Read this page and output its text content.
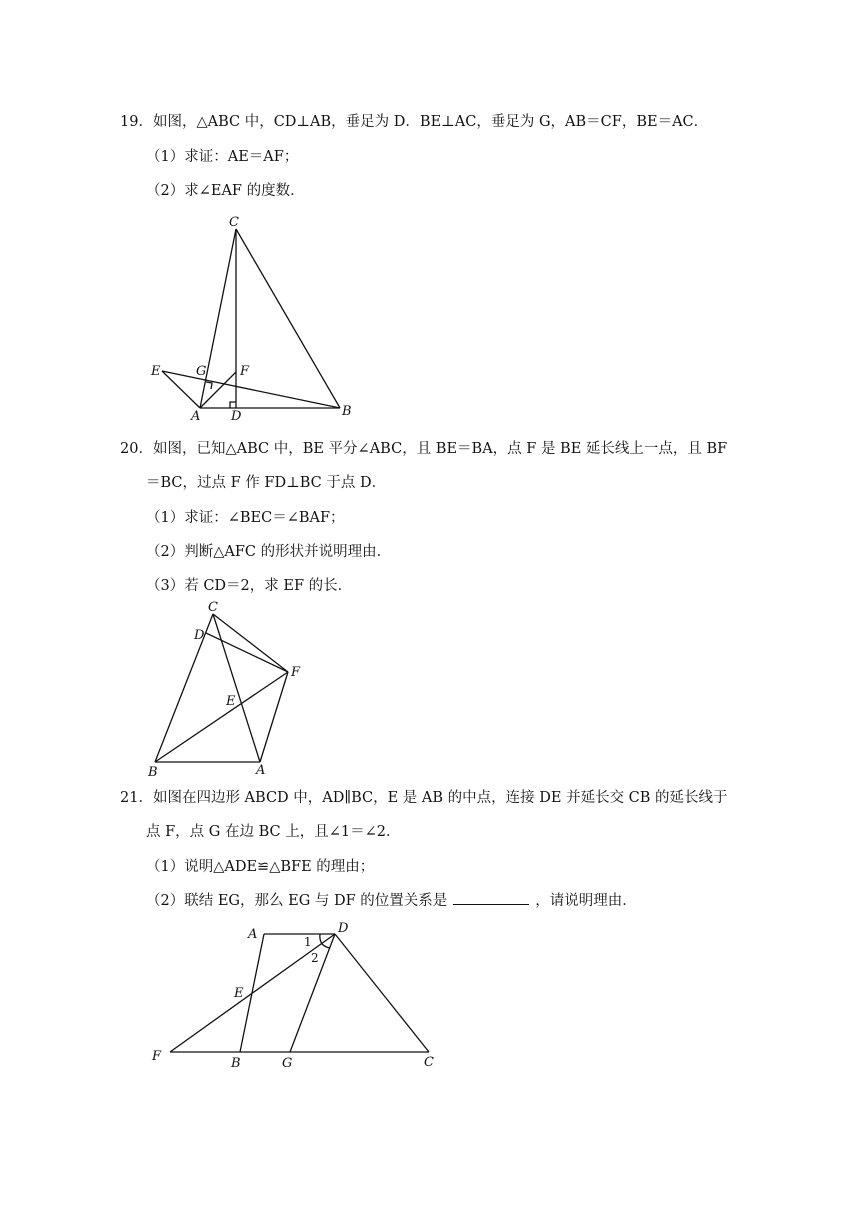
19．如图，△ABC 中，CD⊥AB，垂足为 D．BE⊥AC，垂足为 G，AB＝CF，BE＝AC．
（1）求证：AE＝AF；
（2）求∠EAF 的度数．
C
E	G	F
A D	B
20．如图，已知△ABC 中，BE 平分∠ABC，且 BE＝BA，点 F 是 BE 延长线上一点，且 BF
＝BC，过点 F 作 FD⊥BC 于点 D．
（1）求证：∠BEC＝∠BAF；
（2）判断△AFC 的形状并说明理由．
（3）若 CD＝2，求 EF 的长．
C
D
F
E
B	A
21．如图在四边形 ABCD 中，AD∥BC，E 是 AB 的中点，连接 DE 并延长交 CB 的延长线于
点 F，点 G 在边 BC 上，且∠1＝∠2．
（1）说明△ADE≌△BFE 的理由；
（2）联结 EG，那么 EG 与 DF 的位置关系是	，请说明理由．
A	D
1
2
E
F	B	G	C
